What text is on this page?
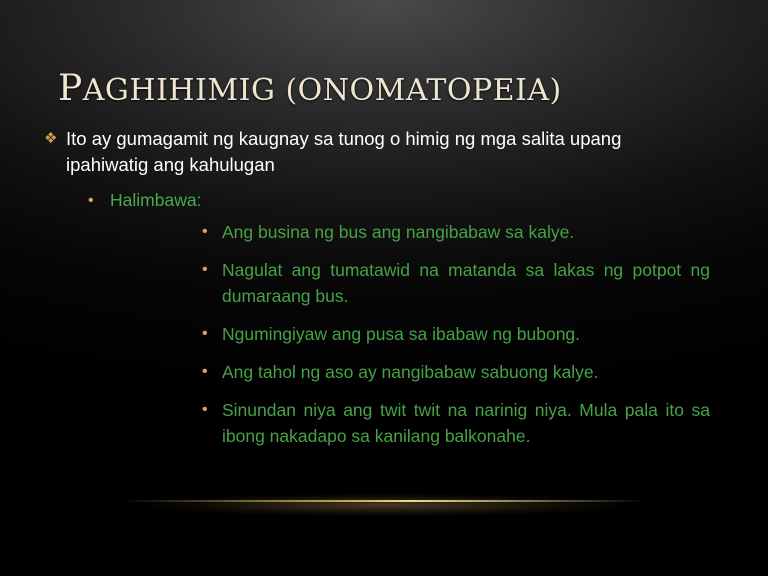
PAGHIHIMIG (ONOMATOPEIA)
❖ Ito ay gumagamit ng kaugnay sa tunog o himig ng mga salita upang ipahiwatig ang kahulugan
• Halimbawa:
• Ang busina ng bus ang nangibabaw sa kalye.
• Nagulat ang tumatawid na matanda sa lakas ng potpot ng dumaraang bus.
• Ngumingiyaw ang pusa sa ibabaw ng bubong.
• Ang tahol ng aso ay nangibabaw sabuong kalye.
• Sinundan niya ang twit twit na narinig niya. Mula pala ito sa ibong nakadapo sa kanilang balkonahe.
